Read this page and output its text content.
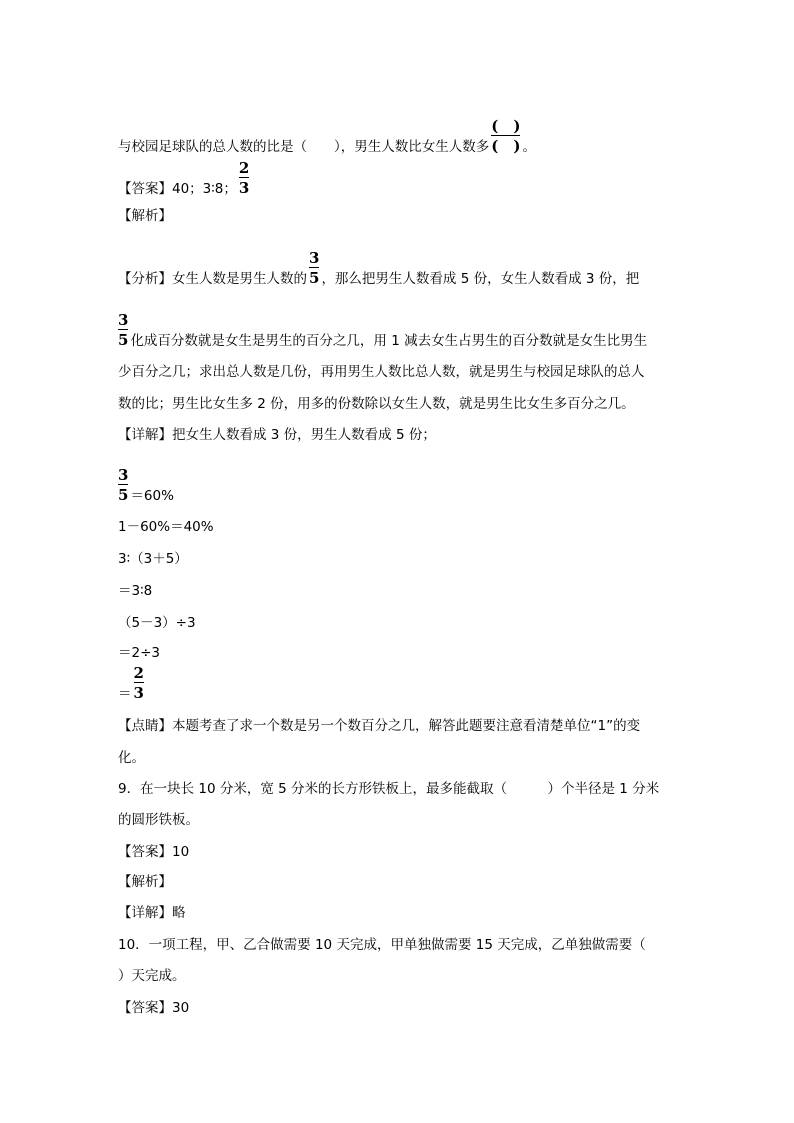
与校园足球队的总人数的比是（　　），男生人数比女生人数多
(　)
(　) 。
【答案】40；3∶8；
2
3
【解析】
【分析】女生人数是男生人数的
3
5 ，那么把男生人数看成 5 份，女生人数看成 3 份，把
3
5 化成百分数就是女生是男生的百分之几，用 1 减去女生占男生的百分数就是女生比男生
少百分之几；求出总人数是几份，再用男生人数比总人数，就是男生与校园足球队的总人
数的比；男生比女生多 2 份，用多的份数除以女生人数，就是男生比女生多百分之几。
【详解】把女生人数看成 3 份，男生人数看成 5 份；
3
5 ＝60%
1－60%＝40%
3∶（3＋5）
＝3∶8
（5－3）÷3
＝2÷3
＝
2
3
【点睛】本题考查了求一个数是另一个数百分之几，解答此题要注意看清楚单位“1”的变
化。
9．在一块长 10 分米，宽 5 分米的长方形铁板上，最多能截取（　　　）个半径是 1 分米
的圆形铁板。
【答案】10
【解析】
【详解】略
10．一项工程，甲、乙合做需要 10 天完成，甲单独做需要 15 天完成，乙单独做需要（
）天完成。
【答案】30
